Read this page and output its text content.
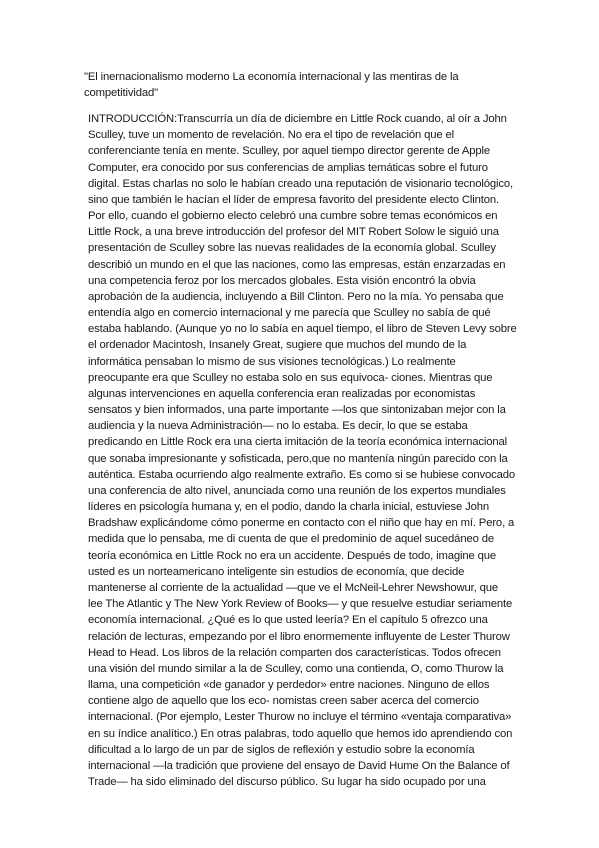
"El inernacionalismo moderno La economía internacional y las mentiras de la
competitividad"
INTRODUCCIÓN:Transcurría un día de diciembre en Little Rock cuando, al oír a John
Sculley, tuve un momento de revelación. No era el tipo de revelación que el
conferenciante tenía en mente. Sculley, por aquel tiempo director gerente de Apple
Computer, era conocido por sus conferencias de amplias temáticas sobre el futuro
digital. Estas charlas no solo le habían creado una reputación de visionario tecnológico,
sino que también le hacían el líder de empresa favorito del presidente electo Clinton.
Por ello, cuando el gobierno electo celebró una cumbre sobre temas económicos en
Little Rock, a una breve introducción del profesor del MIT Robert Solow le siguió una
presentación de Sculley sobre las nuevas realidades de la economía global. Sculley
describió un mundo en el que las naciones, como las empresas, están enzarzadas en
una competencia feroz por los mercados globales. Esta visión encontró la obvia
aprobación de la audiencia, incluyendo a Bill Clinton. Pero no la mía. Yo pensaba que
entendía algo en comercio internacional y me parecía que Sculley no sabía de qué
estaba hablando. (Aunque yo no lo sabía en aquel tiempo, el libro de Steven Levy sobre
el ordenador Macintosh, Insanely Great, sugiere que muchos del mundo de la
informática pensaban lo mismo de sus visiones tecnológicas.) Lo realmente
preocupante era que Sculley no estaba solo en sus equivoca- ciones. Mientras que
algunas intervenciones en aquella conferencia eran realizadas por economistas
sensatos y bien informados, una parte importante —los que sintonizaban mejor con la
audiencia y la nueva Administración— no lo estaba. Es decir, lo que se estaba
predicando en Little Rock era una cierta imitación de la teoría económica internacional
que sonaba impresionante y sofisticada, pero,que no mantenía ningún parecido con la
auténtica. Estaba ocurriendo algo realmente extraño. Es como si se hubiese convocado
una conferencia de alto nivel, anunciada como una reunión de los expertos mundiales
líderes en psicología humana y, en el podio, dando la charla inicial, estuviese John
Bradshaw explicándome cómo ponerme en contacto con el niño que hay en mí. Pero, a
medida que lo pensaba, me di cuenta de que el predominio de aquel sucedáneo de
teoría económica en Little Rock no era un accidente. Después de todo, imagine que
usted es un norteamericano inteligente sin estudios de economía, que decide
mantenerse al corriente de la actualidad —que ve el McNeil-Lehrer Newshowur, que
lee The Atlantic y The New York Review of Books— y que resuelve estudiar seriamente
economía internacional. ¿Qué es lo que usted leería? En el capítulo 5 ofrezco una
relación de lecturas, empezando por el libro enormemente influyente de Lester Thurow
Head to Head. Los libros de la relación comparten dos características. Todos ofrecen
una visión del mundo similar a la de Sculley, como una contienda, O, como Thurow la
llama, una competición «de ganador y perdedor» entre naciones. Ninguno de ellos
contiene algo de aquello que los eco- nomistas creen saber acerca del comercio
internacional. (Por ejemplo, Lester Thurow no incluye el término «ventaja comparativa»
en su índice analítico.) En otras palabras, todo aquello que hemos ido aprendiendo con
dificultad a lo largo de un par de siglos de reflexión y estudio sobre la economía
internacional —la tradición que proviene del ensayo de David Hume On the Balance of
Trade— ha sido eliminado del discurso público. Su lugar ha sido ocupado por una
